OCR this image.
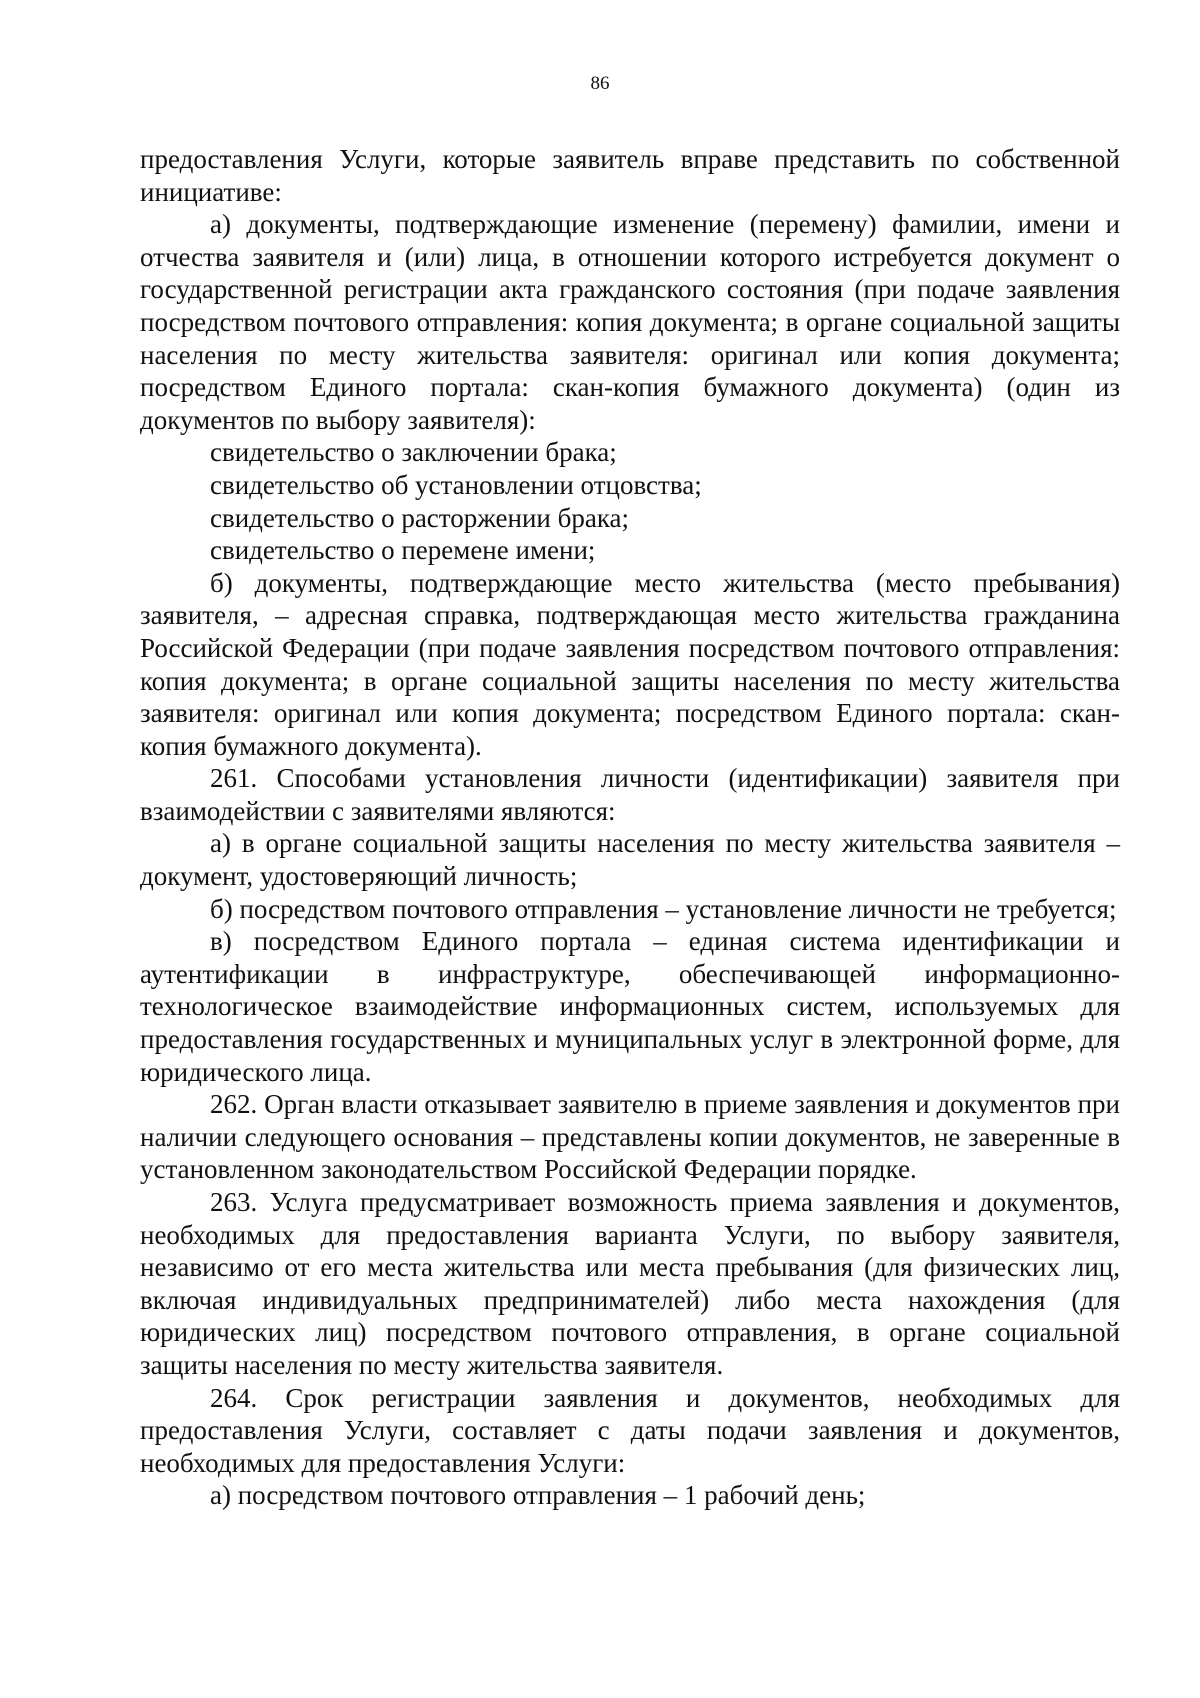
86

предоставления Услуги, которые заявитель вправе представить по собственной инициативе:

а) документы, подтверждающие изменение (перемену) фамилии, имени и отчества заявителя и (или) лица, в отношении которого истребуется документ о государственной регистрации акта гражданского состояния (при подаче заявления посредством почтового отправления: копия документа; в органе социальной защиты населения по месту жительства заявителя: оригинал или копия документа; посредством Единого портала: скан-копия бумажного документа) (один из документов по выбору заявителя):

свидетельство о заключении брака;

свидетельство об установлении отцовства;

свидетельство о расторжении брака;

свидетельство о перемене имени;

б) документы, подтверждающие место жительства (место пребывания) заявителя, – адресная справка, подтверждающая место жительства гражданина Российской Федерации (при подаче заявления посредством почтового отправления: копия документа; в органе социальной защиты населения по месту жительства заявителя: оригинал или копия документа; посредством Единого портала: скан-копия бумажного документа).

261. Способами установления личности (идентификации) заявителя при взаимодействии с заявителями являются:

а) в органе социальной защиты населения по месту жительства заявителя – документ, удостоверяющий личность;

б) посредством почтового отправления – установление личности не требуется;

в) посредством Единого портала – единая система идентификации и аутентификации в инфраструктуре, обеспечивающей информационно-технологическое взаимодействие информационных систем, используемых для предоставления государственных и муниципальных услуг в электронной форме, для юридического лица.

262. Орган власти отказывает заявителю в приеме заявления и документов при наличии следующего основания – представлены копии документов, не заверенные в установленном законодательством Российской Федерации порядке.

263. Услуга предусматривает возможность приема заявления и документов, необходимых для предоставления варианта Услуги, по выбору заявителя, независимо от его места жительства или места пребывания (для физических лиц, включая индивидуальных предпринимателей) либо места нахождения (для юридических лиц) посредством почтового отправления, в органе социальной защиты населения по месту жительства заявителя.

264. Срок регистрации заявления и документов, необходимых для предоставления Услуги, составляет с даты подачи заявления и документов, необходимых для предоставления Услуги:

а) посредством почтового отправления – 1 рабочий день;
